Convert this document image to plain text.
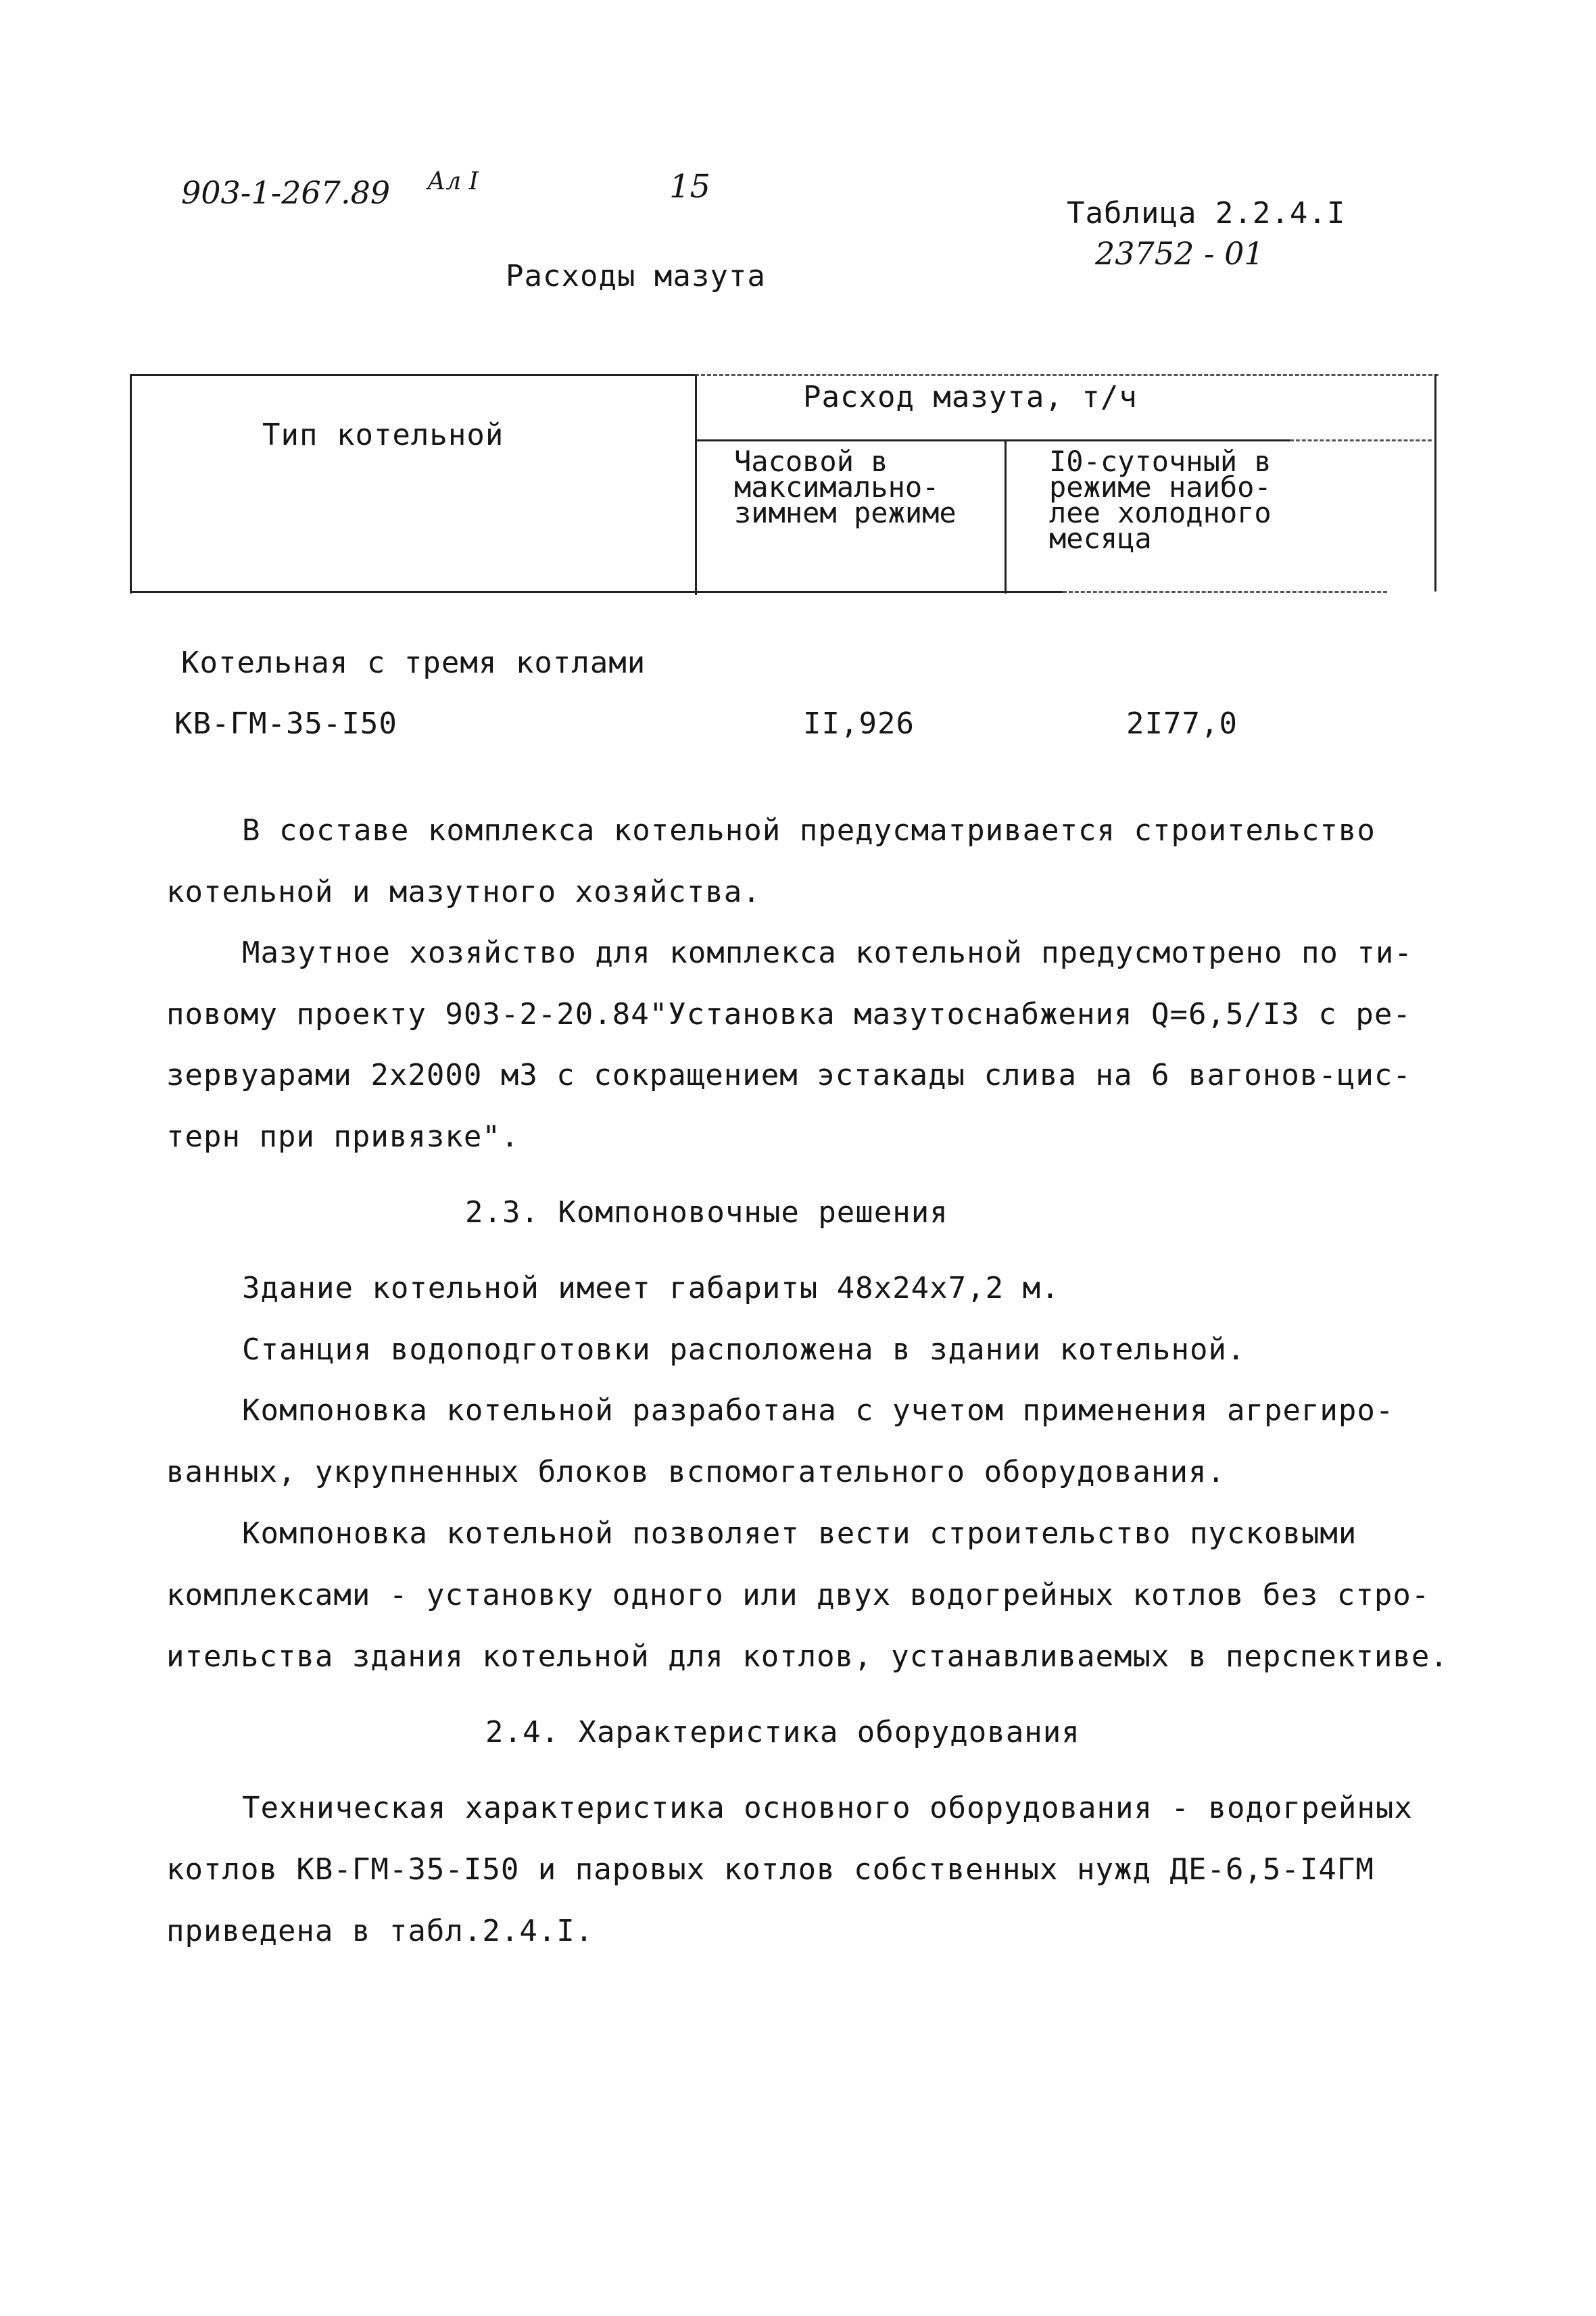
903-1-267.89 Ал I	15
Таблица 2.2.4.I
23752 - 01
Расходы мазута
Тип котельной
Расход мазута, т/ч
Часовой в максимально-зимнем режиме
I0-суточный в режиме наибо-лее холодного месяца
Котельная с тремя котлами
КВ-ГМ-35-I50	II,926	2I77,0
В составе комплекса котельной предусматривается строительство
котельной и мазутного хозяйства.
Мазутное хозяйство для комплекса котельной предусмотрено по ти-
повому проекту 903-2-20.84"Установка мазутоснабжения Q=6,5/I3 с ре-
зервуарами 2х2000 м3 с сокращением эстакады слива на 6 вагонов-цис-
терн при привязке".
2.3. Компоновочные решения
Здание котельной имеет габариты 48х24х7,2 м.
Станция водоподготовки расположена в здании котельной.
Компоновка котельной разработана с учетом применения агрегиро-
ванных, укрупненных блоков вспомогательного оборудования.
Компоновка котельной позволяет вести строительство пусковыми
комплексами - установку одного или двух водогрейных котлов без стро-
ительства здания котельной для котлов, устанавливаемых в перспективе.
2.4. Характеристика оборудования
Техническая характеристика основного оборудования - водогрейных
котлов КВ-ГМ-35-I50 и паровых котлов собственных нужд ДЕ-6,5-I4ГМ
приведена в табл.2.4.I.
